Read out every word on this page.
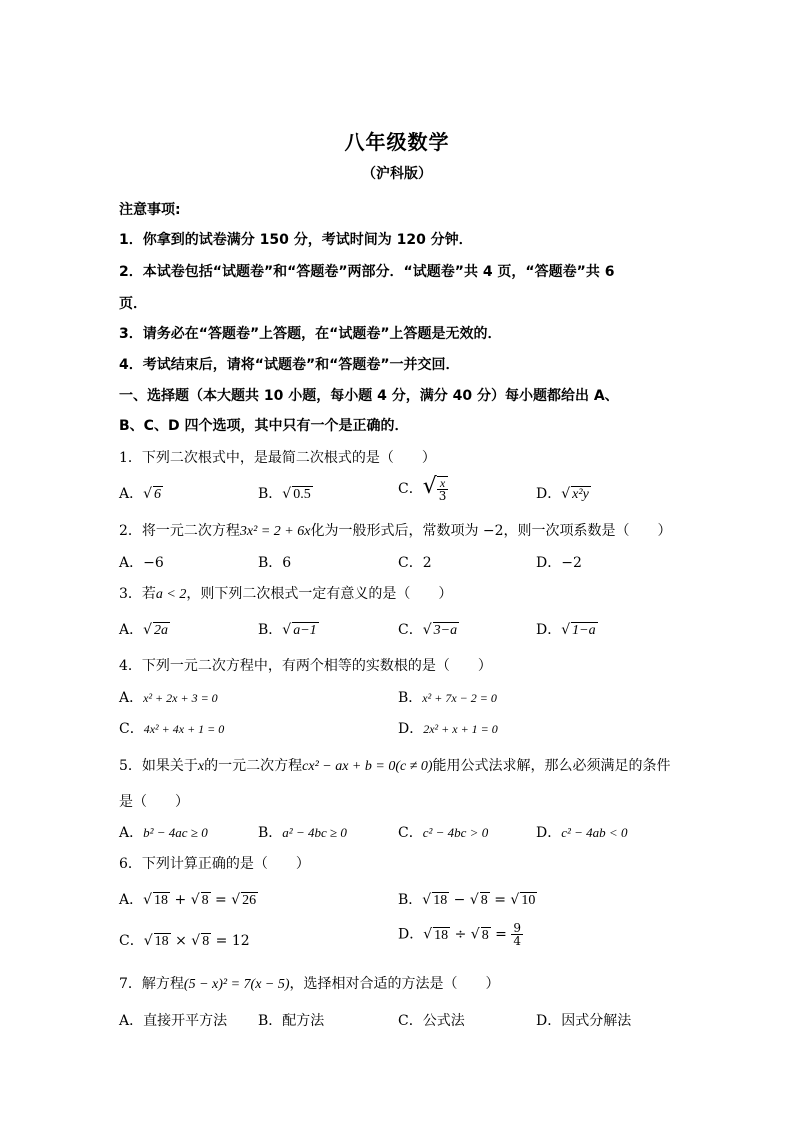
八年级数学
（沪科版）
注意事项:
1．你拿到的试卷满分 150 分，考试时间为 120 分钟．
2．本试卷包括“试题卷”和“答题卷”两部分．“试题卷”共 4 页，“答题卷”共 6
页．
3．请务必在“答题卷”上答题，在“试题卷”上答题是无效的．
4．考试结束后，请将“试题卷”和“答题卷”一并交回．
一、选择题（本大题共 10 小题，每小题 4 分，满分 40 分）每小题都给出 A、
B、C、D 四个选项，其中只有一个是正确的．
1．下列二次根式中，是最简二次根式的是（　　）
A．√ 6	B．√ 0.5	C．√ $\frac{x}{3}$	D．√ x²y
2．将一元二次方程3x² = 2 + 6x化为一般形式后，常数项为 −2，则一次项系数是（　　）
A．−6	B．6	C．2	D．−2
3．若a < 2，则下列二次根式一定有意义的是（　　）
A．√ 2a	B．√ a−1	C．√ 3−a	D．√ 1−a
4．下列一元二次方程中，有两个相等的实数根的是（　　）
A．x² + 2x + 3 = 0	B．x² + 7x − 2 = 0
C．4x² + 4x + 1 = 0	D．2x² + x + 1 = 0
5．如果关于x的一元二次方程cx² − ax + b = 0(c ≠ 0)能用公式法求解，那么必须满足的条件
是（　　）
A．b² − 4ac ≥ 0	B．a² − 4bc ≥ 0	C．c² − 4bc > 0	D．c² − 4ab < 0
6．下列计算正确的是（　　）
A．√ 18 + √ 8 = √ 26	B．√ 18 − √ 8 = √ 10
C．√ 18 × √ 8 = 12	D．√ 18 ÷ √ $8 = \frac{9}{4}$
7．解方程(5 − x)² = 7(x − 5)，选择相对合适的方法是（　　）
A．直接开平方法 B．配方法	C．公式法	D．因式分解法
